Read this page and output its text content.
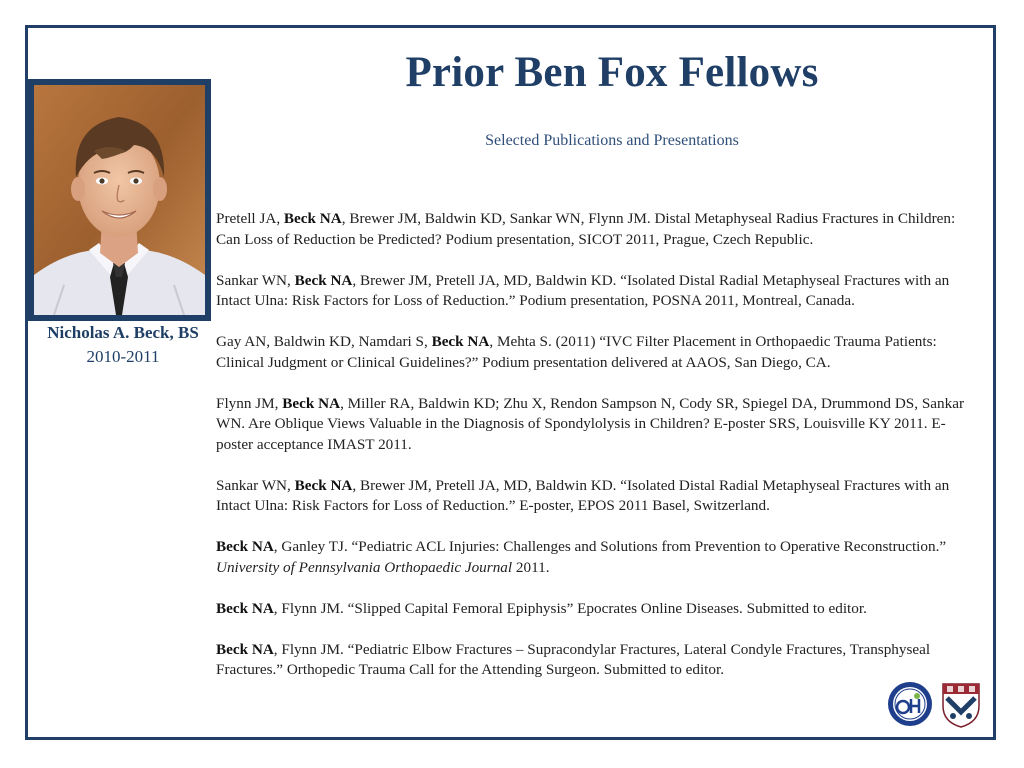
Prior Ben Fox Fellows
Selected Publications and Presentations
Nicholas A. Beck, BS
2010-2011
Pretell JA, Beck NA, Brewer JM, Baldwin KD, Sankar WN, Flynn JM. Distal Metaphyseal Radius Fractures in Children: Can Loss of Reduction be Predicted? Podium presentation, SICOT 2011, Prague, Czech Republic.
Sankar WN, Beck NA, Brewer JM, Pretell JA, MD, Baldwin KD. “Isolated Distal Radial Metaphyseal Fractures with an Intact Ulna: Risk Factors for Loss of Reduction.” Podium presentation, POSNA 2011, Montreal, Canada.
Gay AN, Baldwin KD, Namdari S, Beck NA, Mehta S. (2011) “IVC Filter Placement in Orthopaedic Trauma Patients: Clinical Judgment or Clinical Guidelines?” Podium presentation delivered at AAOS, San Diego, CA.
Flynn JM, Beck NA, Miller RA, Baldwin KD; Zhu X, Rendon Sampson N, Cody SR, Spiegel DA, Drummond DS, Sankar WN. Are Oblique Views Valuable in the Diagnosis of Spondylolysis in Children? E-poster SRS, Louisville KY 2011. E-poster acceptance IMAST 2011.
Sankar WN, Beck NA, Brewer JM, Pretell JA, MD, Baldwin KD. “Isolated Distal Radial Metaphyseal Fractures with an Intact Ulna: Risk Factors for Loss of Reduction.” E-poster, EPOS 2011 Basel, Switzerland.
Beck NA, Ganley TJ. “Pediatric ACL Injuries: Challenges and Solutions from Prevention to Operative Reconstruction.” University of Pennsylvania Orthopaedic Journal 2011.
Beck NA, Flynn JM. “Slipped Capital Femoral Epiphysis” Epocrates Online Diseases. Submitted to editor.
Beck NA, Flynn JM. “Pediatric Elbow Fractures – Supracondylar Fractures, Lateral Condyle Fractures, Transphyseal Fractures.” Orthopedic Trauma Call for the Attending Surgeon. Submitted to editor.
